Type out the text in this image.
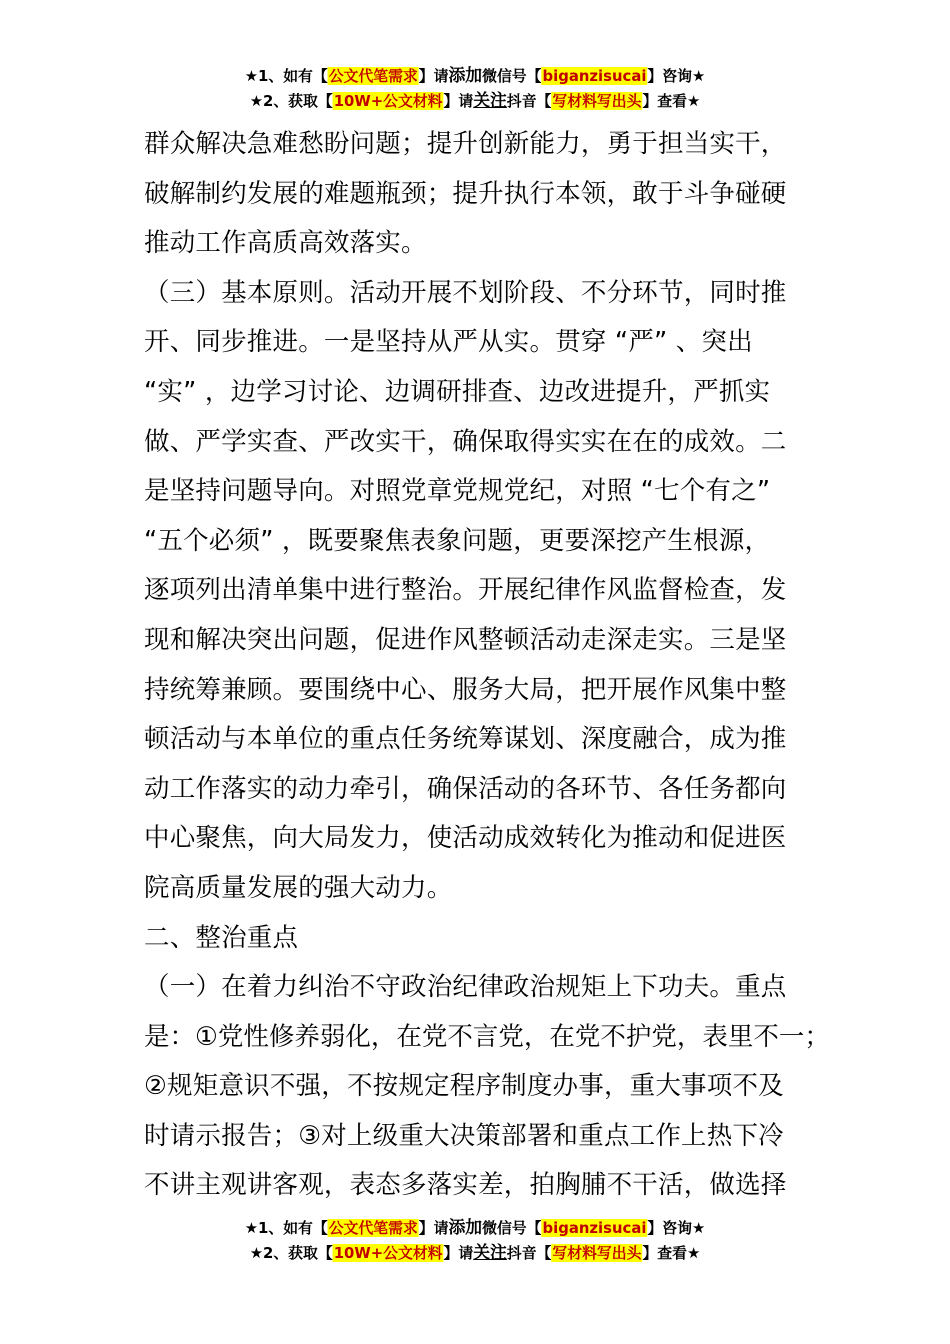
★1、如有【公文代笔需求】请添加微信号【biganzisucai】咨询★
★2、获取【10W+公文材料】请关注抖音【写材料写出头】查看★
群众解决急难愁盼问题；提升创新能力，勇于担当实干，
破解制约发展的难题瓶颈；提升执行本领，敢于斗争碰硬
推动工作高质高效落实。
（三）基本原则。活动开展不划阶段、不分环节，同时推
开、同步推进。一是坚持从严从实。贯穿 “严” 、突出
“实” ，边学习讨论、边调研排查、边改进提升，严抓实
做、严学实查、严改实干，确保取得实实在在的成效。二
是坚持问题导向。对照党章党规党纪，对照 “七个有之”
“五个必须” ，既要聚焦表象问题，更要深挖产生根源，
逐项列出清单集中进行整治。开展纪律作风监督检查，发
现和解决突出问题，促进作风整顿活动走深走实。三是坚
持统筹兼顾。要围绕中心、服务大局，把开展作风集中整
顿活动与本单位的重点任务统筹谋划、深度融合，成为推
动工作落实的动力牵引，确保活动的各环节、各任务都向
中心聚焦，向大局发力，使活动成效转化为推动和促进医
院高质量发展的强大动力。
二、整治重点
（一）在着力纠治不守政治纪律政治规矩上下功夫。重点
是：①党性修养弱化，在党不言党，在党不护党，表里不一；
②规矩意识不强，不按规定程序制度办事，重大事项不及
时请示报告；③对上级重大决策部署和重点工作上热下冷
不讲主观讲客观，表态多落实差，拍胸脯不干活，做选择
★1、如有【公文代笔需求】请添加微信号【biganzisucai】咨询★
★2、获取【10W+公文材料】请关注抖音【写材料写出头】查看★
